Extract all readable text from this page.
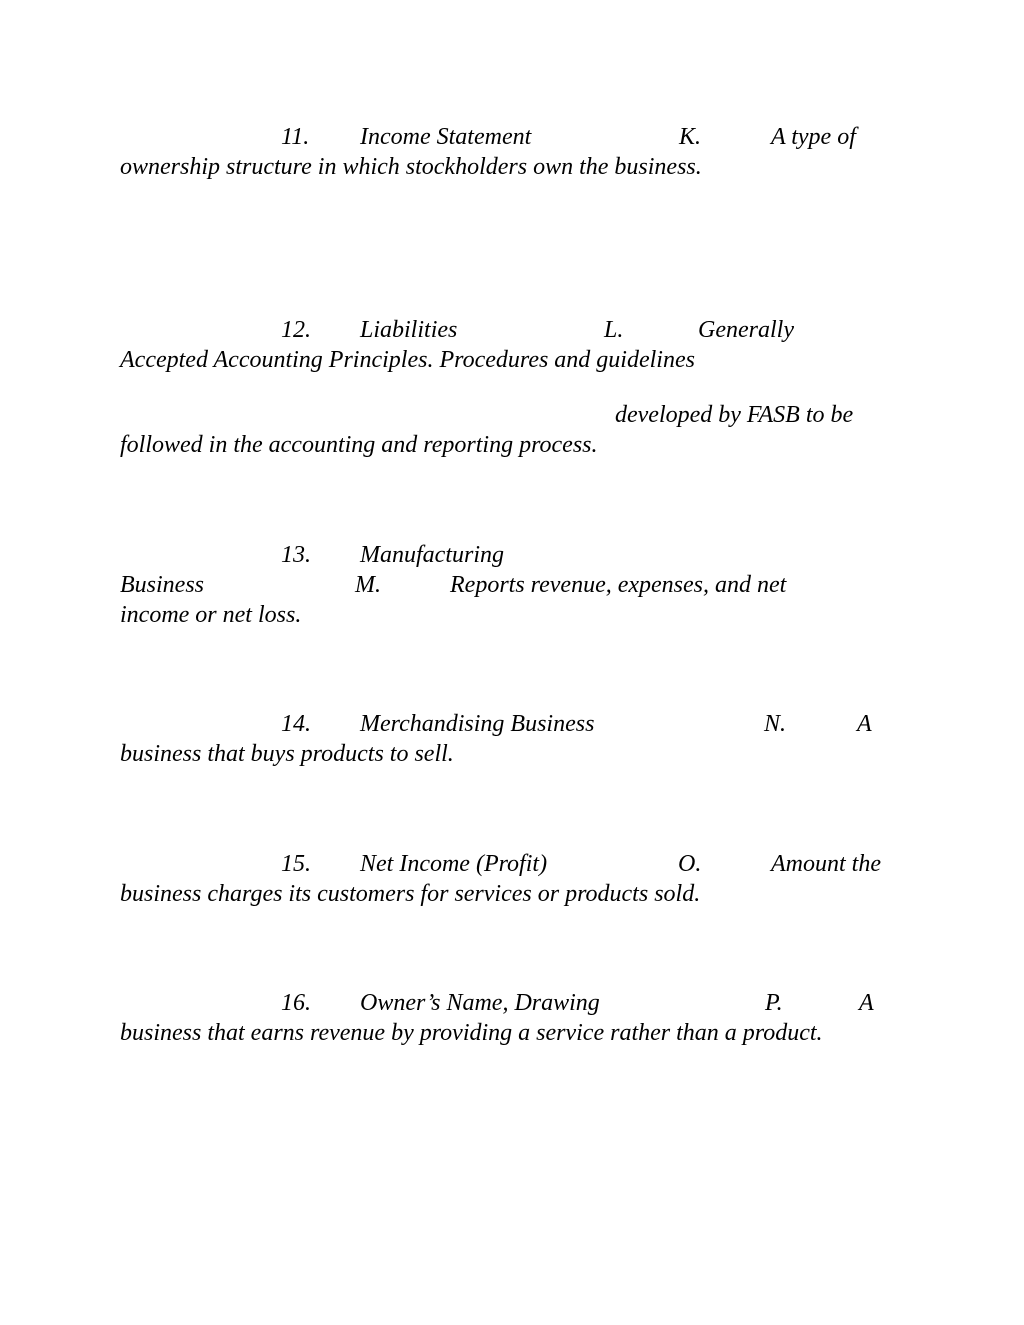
11. Income Statement	K.	A type of
ownership structure in which stockholders own the business.
12. Liabilities	L.	Generally
Accepted Accounting Principles. Procedures and guidelines
developed by FASB to be
followed in the accounting and reporting process.
13. Manufacturing
Business	M.	Reports revenue, expenses, and net
income or net loss.
14. Merchandising Business	N.	A
business that buys products to sell.
15. Net Income (Profit)	O.	Amount the
business charges its customers for services or products sold.
16. Owner’s Name, Drawing	P.	A
business that earns revenue by providing a service rather than a product.
